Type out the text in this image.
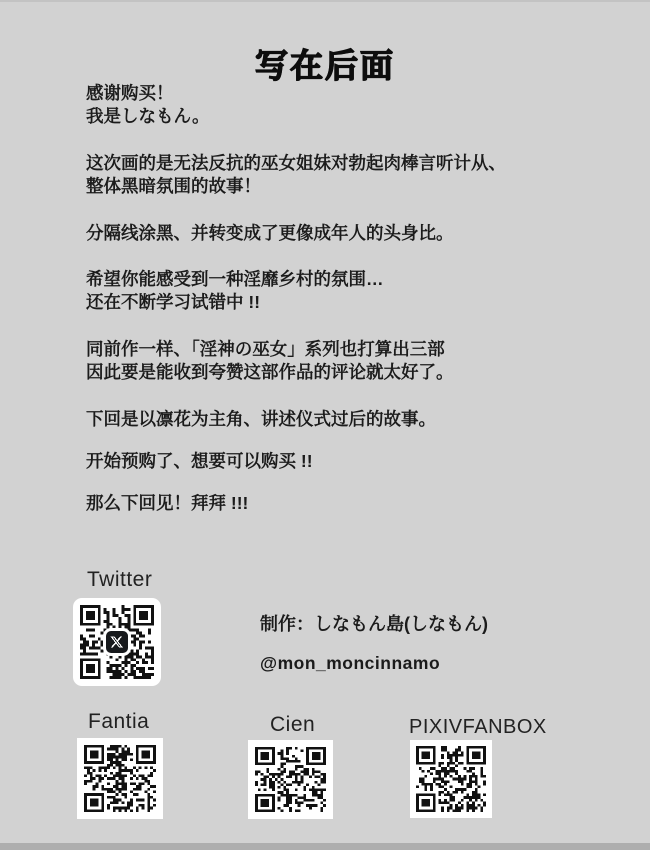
写在后面

感谢购买！
我是しなもん。

这次画的是无法反抗的巫女姐妹对勃起肉棒言听计从、
整体黑暗氛围的故事！

分隔线涂黑、并转变成了更像成年人的头身比。

希望你能感受到一种淫靡乡村的氛围…
还在不断学习试错中 !!

同前作一样、「淫神の巫女」系列也打算出三部
因此要是能收到夸赞这部作品的评论就太好了。

下回是以凛花为主角、讲述仪式过后的故事。

开始预购了、想要可以购买 !!

那么下回见！拜拜 !!!

Twitter
制作：しなもん島(しなもん)
@mon_moncinnamo
Fantia	Cien	PIXIVFANBOX
